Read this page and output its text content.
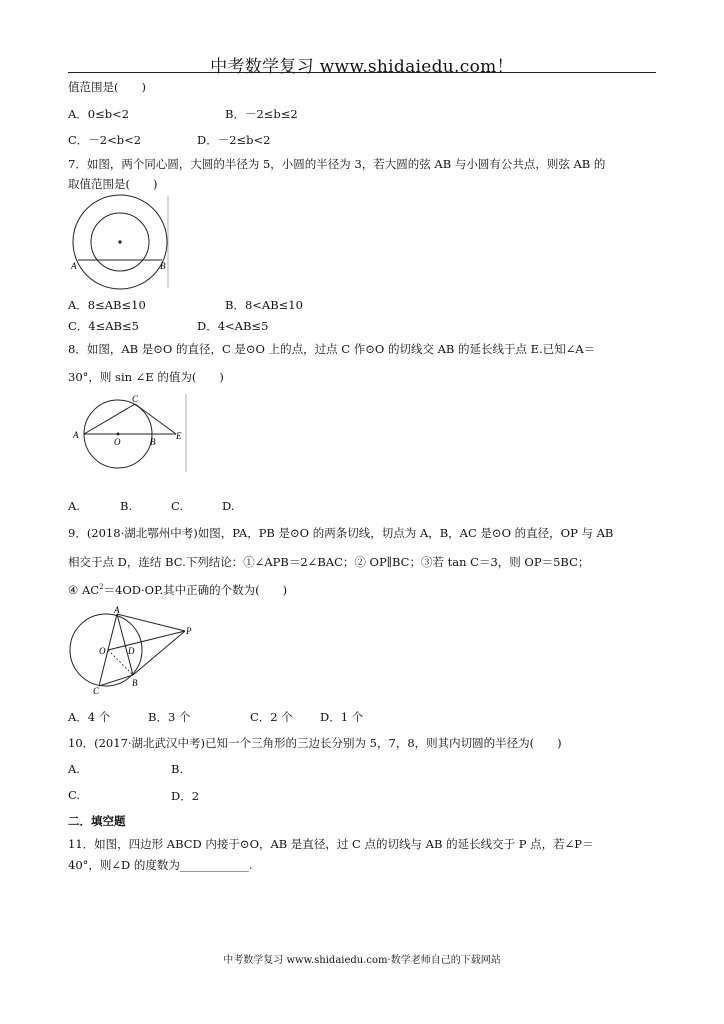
中考数学复习 www.shidaiedu.com！
值范围是(　　)
A．0≤b<2	B．－2≤b≤2
C．－2<b<2	D．－2≤b<2
7．如图，两个同心圆，大圆的半径为 5，小圆的半径为 3，若大圆的弦 AB 与小圆有公共点，则弦 AB 的
取值范围是(　　)
A	B
A．8≤AB≤10	B．8<AB≤10
C．4≤AB≤5	D．4<AB≤5
8．如图，AB 是⊙O 的直径，C 是⊙O 上的点，过点 C 作⊙O 的切线交 AB 的延长线于点 E.已知∠A＝
30°，则 sin ∠E 的值为(　　)
C
A
O	B
E
A.	B.	C.	D.
9．(2018·湖北鄂州中考)如图，PA，PB 是⊙O 的两条切线，切点为 A，B，AC 是⊙O 的直径，OP 与 AB
相交于点 D，连结 BC.下列结论：①∠APB＝2∠BAC；② OP∥BC；③若 tan C＝3，则 OP＝5BC；
④ $AC^2=4OD\cdot OP$.其中正确的个数为(　　)
A
P
O	D
B
C
A．4 个	B．3 个	C．2 个 D．1 个
10．(2017·湖北武汉中考)已知一个三角形的三边长分别为 5，7，8，则其内切圆的半径为(　　)
A.	B.
C.	D．2
二．填空题
11．如图，四边形 ABCD 内接于⊙O，AB 是直径，过 C 点的切线与 AB 的延长线交于 P 点，若∠P＝
40°，则∠D 的度数为____________.
中考数学复习 www.shidaiedu.com·数学老师自己的下载网站
